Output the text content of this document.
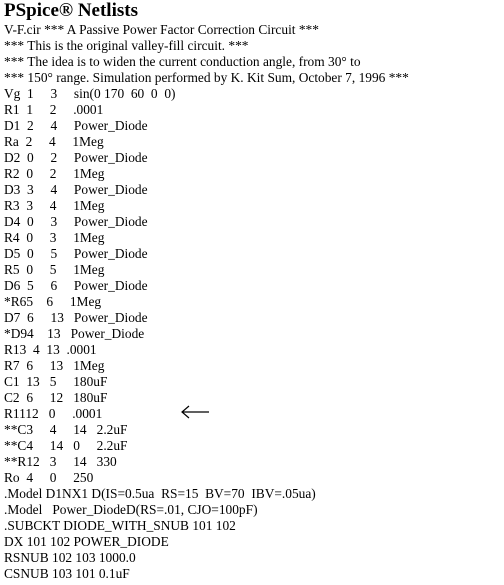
PSpice® Netlists
V-F.cir *** A Passive Power Factor Correction Circuit ***
*** This is the original valley-fill circuit. ***
*** The idea is to widen the current conduction angle, from 30° to
*** 150° range. Simulation performed by K. Kit Sum, October 7, 1996 ***
Vg  1     3     sin(0 170  60  0  0)
R1  1     2     .0001
D1  2     4     Power_Diode
Ra  2     4     1Meg
D2  0     2     Power_Diode
R2  0     2     1Meg
D3  3     4     Power_Diode
R3  3     4     1Meg
D4  0     3     Power_Diode
R4  0     3     1Meg
D5  0     5     Power_Diode
R5  0     5     1Meg
D6  5     6     Power_Diode
*R65    6     1Meg
D7  6     13   Power_Diode
*D94    13   Power_Diode
R13  4  13  .0001
R7  6     13   1Meg
C1  13   5     180uF
C2  6     12   180uF
R1112   0     .0001
**C3     4     14   2.2uF
**C4     14   0     2.2uF
**R12   3     14   330
Ro  4     0     250
.Model D1NX1 D(IS=0.5ua  RS=15  BV=70  IBV=.05ua)
.Model   Power_DiodeD(RS=.01, CJO=100pF)
.SUBCKT DIODE_WITH_SNUB 101 102
DX 101 102 POWER_DIODE
RSNUB 102 103 1000.0
CSNUB 103 101 0.1uF
